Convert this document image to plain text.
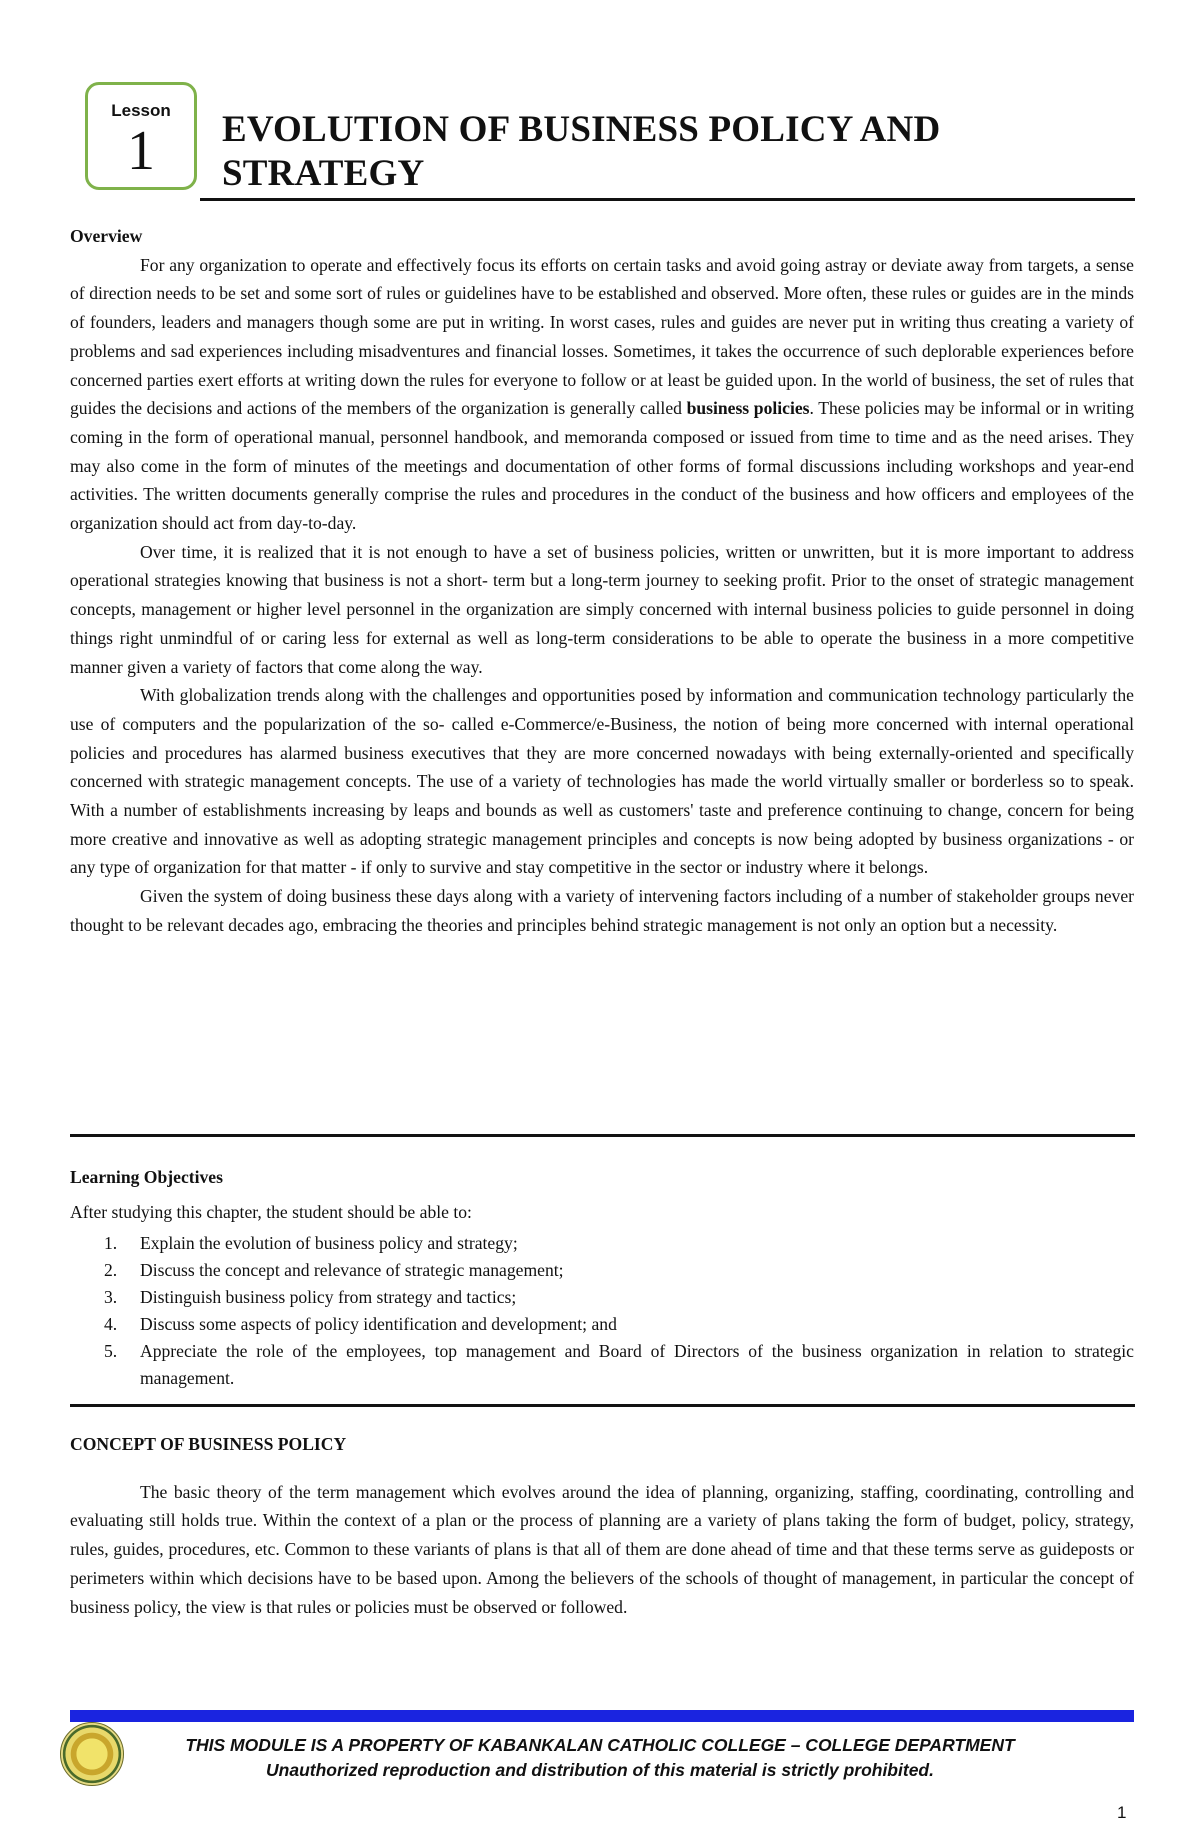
Lesson
1	EVOLUTION OF BUSINESS POLICY AND
STRATEGY

Overview

For any organization to operate and effectively focus its efforts on certain tasks and avoid going astray or deviate away from targets, a sense of direction needs to be set and some sort of rules or guidelines have to be established and observed. More often, these rules or guides are in the minds of founders, leaders and managers though some are put in writing. In worst cases, rules and guides are never put in writing thus creating a variety of problems and sad experiences including misadventures and financial losses. Sometimes, it takes the occurrence of such deplorable experiences before concerned parties exert efforts at writing down the rules for everyone to follow or at least be guided upon. In the world of business, the set of rules that guides the decisions and actions of the members of the organization is generally called business policies. These policies may be informal or in writing coming in the form of operational manual, personnel handbook, and memoranda composed or issued from time to time and as the need arises. They may also come in the form of minutes of the meetings and documentation of other forms of formal discussions including workshops and year-end activities. The written documents generally comprise the rules and procedures in the conduct of the business and how officers and employees of the organization should act from day-to-day.

Over time, it is realized that it is not enough to have a set of business policies, written or unwritten, but it is more important to address operational strategies knowing that business is not a short- term but a long-term journey to seeking profit. Prior to the onset of strategic management concepts, management or higher level personnel in the organization are simply concerned with internal business policies to guide personnel in doing things right unmindful of or caring less for external as well as long-term considerations to be able to operate the business in a more competitive manner given a variety of factors that come along the way.

With globalization trends along with the challenges and opportunities posed by information and communication technology particularly the use of computers and the popularization of the so- called e-Commerce/e-Business, the notion of being more concerned with internal operational policies and procedures has alarmed business executives that they are more concerned nowadays with being externally-oriented and specifically concerned with strategic management concepts. The use of a variety of technologies has made the world virtually smaller or borderless so to speak. With a number of establishments increasing by leaps and bounds as well as customers' taste and preference continuing to change, concern for being more creative and innovative as well as adopting strategic management principles and concepts is now being adopted by business organizations - or any type of organization for that matter - if only to survive and stay competitive in the sector or industry where it belongs.

Given the system of doing business these days along with a variety of intervening factors including of a number of stakeholder groups never thought to be relevant decades ago, embracing the theories and principles behind strategic management is not only an option but a necessity.

Learning Objectives

After studying this chapter, the student should be able to:

1. Explain the evolution of business policy and strategy;
2. Discuss the concept and relevance of strategic management;
3. Distinguish business policy from strategy and tactics;
4. Discuss some aspects of policy identification and development; and
5. Appreciate the role of the employees, top management and Board of Directors of the business organization in relation to strategic management.

CONCEPT OF BUSINESS POLICY

The basic theory of the term management which evolves around the idea of planning, organizing, staffing, coordinating, controlling and evaluating still holds true. Within the context of a plan or the process of planning are a variety of plans taking the form of budget, policy, strategy, rules, guides, procedures, etc. Common to these variants of plans is that all of them are done ahead of time and that these terms serve as guideposts or perimeters within which decisions have to be based upon. Among the believers of the schools of thought of management, in particular the concept of business policy, the view is that rules or policies must be observed or followed.

THIS MODULE IS A PROPERTY OF KABANKALAN CATHOLIC COLLEGE – COLLEGE DEPARTMENT
Unauthorized reproduction and distribution of this material is strictly prohibited.
1
